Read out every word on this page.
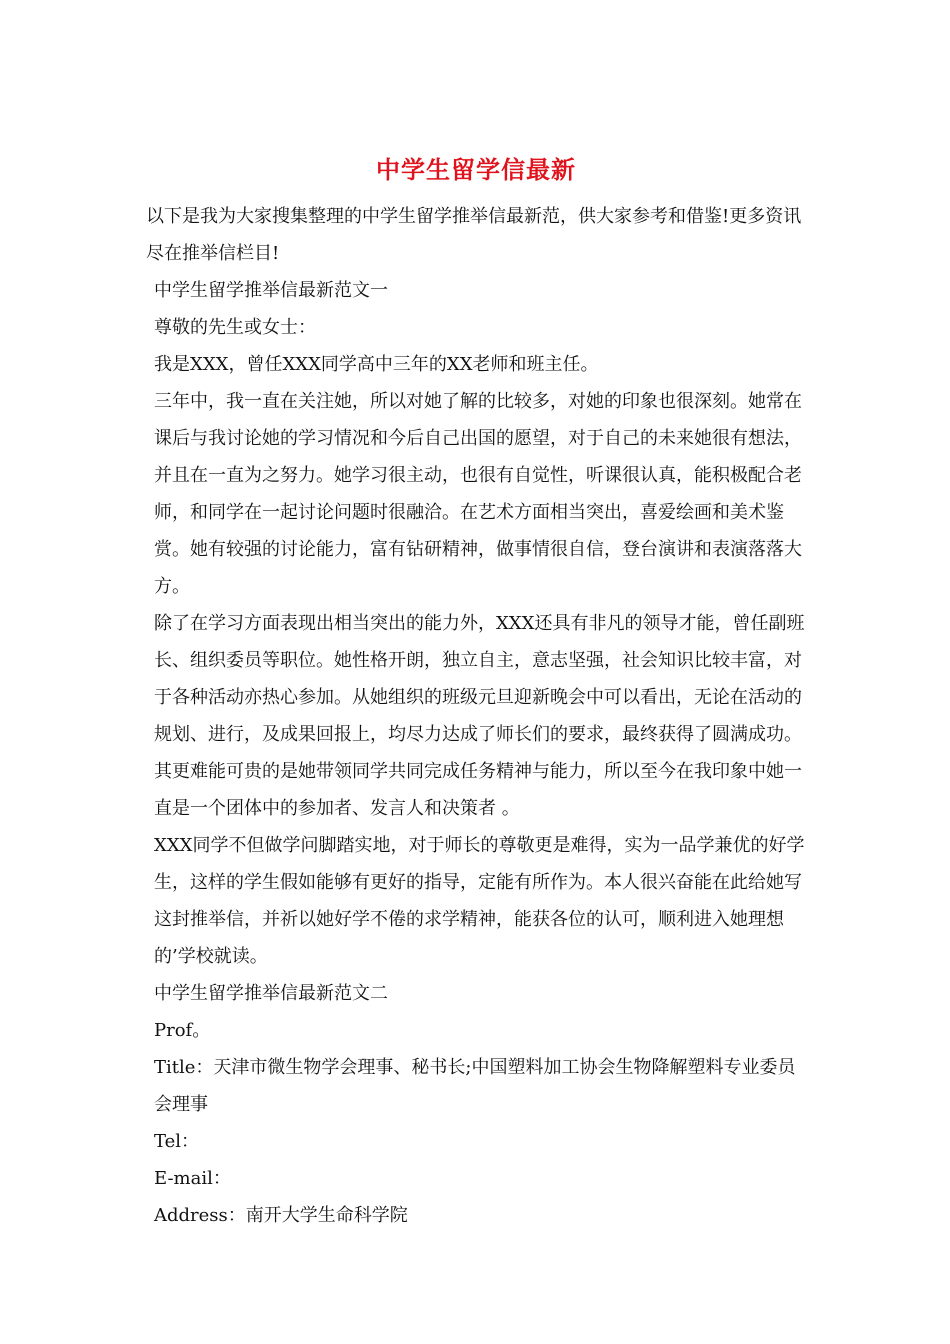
中学生留学信最新

以下是我为大家搜集整理的中学生留学推举信最新范，供大家参考和借鉴!更多资讯尽在推举信栏目!

中学生留学推举信最新范文一

尊敬的先生或女士：

我是XXX，曾任XXX同学高中三年的XX老师和班主任。

三年中，我一直在关注她，所以对她了解的比较多，对她的印象也很深刻。她常在课后与我讨论她的学习情况和今后自己出国的愿望，对于自己的未来她很有想法，并且在一直为之努力。她学习很主动，也很有自觉性，听课很认真，能积极配合老师，和同学在一起讨论问题时很融洽。在艺术方面相当突出，喜爱绘画和美术鉴赏。她有较强的讨论能力，富有钻研精神，做事情很自信，登台演讲和表演落落大方。

除了在学习方面表现出相当突出的能力外，XXX还具有非凡的领导才能，曾任副班长、组织委员等职位。她性格开朗，独立自主，意志坚强，社会知识比较丰富，对于各种活动亦热心参加。从她组织的班级元旦迎新晚会中可以看出，无论在活动的规划、进行，及成果回报上，均尽力达成了师长们的要求，最终获得了圆满成功。其更难能可贵的是她带领同学共同完成任务精神与能力，所以至今在我印象中她一直是一个团体中的参加者、发言人和决策者 。

XXX同学不但做学问脚踏实地，对于师长的尊敬更是难得，实为一品学兼优的好学生，这样的学生假如能够有更好的指导，定能有所作为。本人很兴奋能在此给她写这封推举信，并祈以她好学不倦的求学精神，能获各位的认可，顺利进入她理想的’学校就读。

中学生留学推举信最新范文二

Prof。

Title：天津市微生物学会理事、秘书长;中国塑料加工协会生物降解塑料专业委员会理事

Tel：

E-mail：

Address：南开大学生命科学院
